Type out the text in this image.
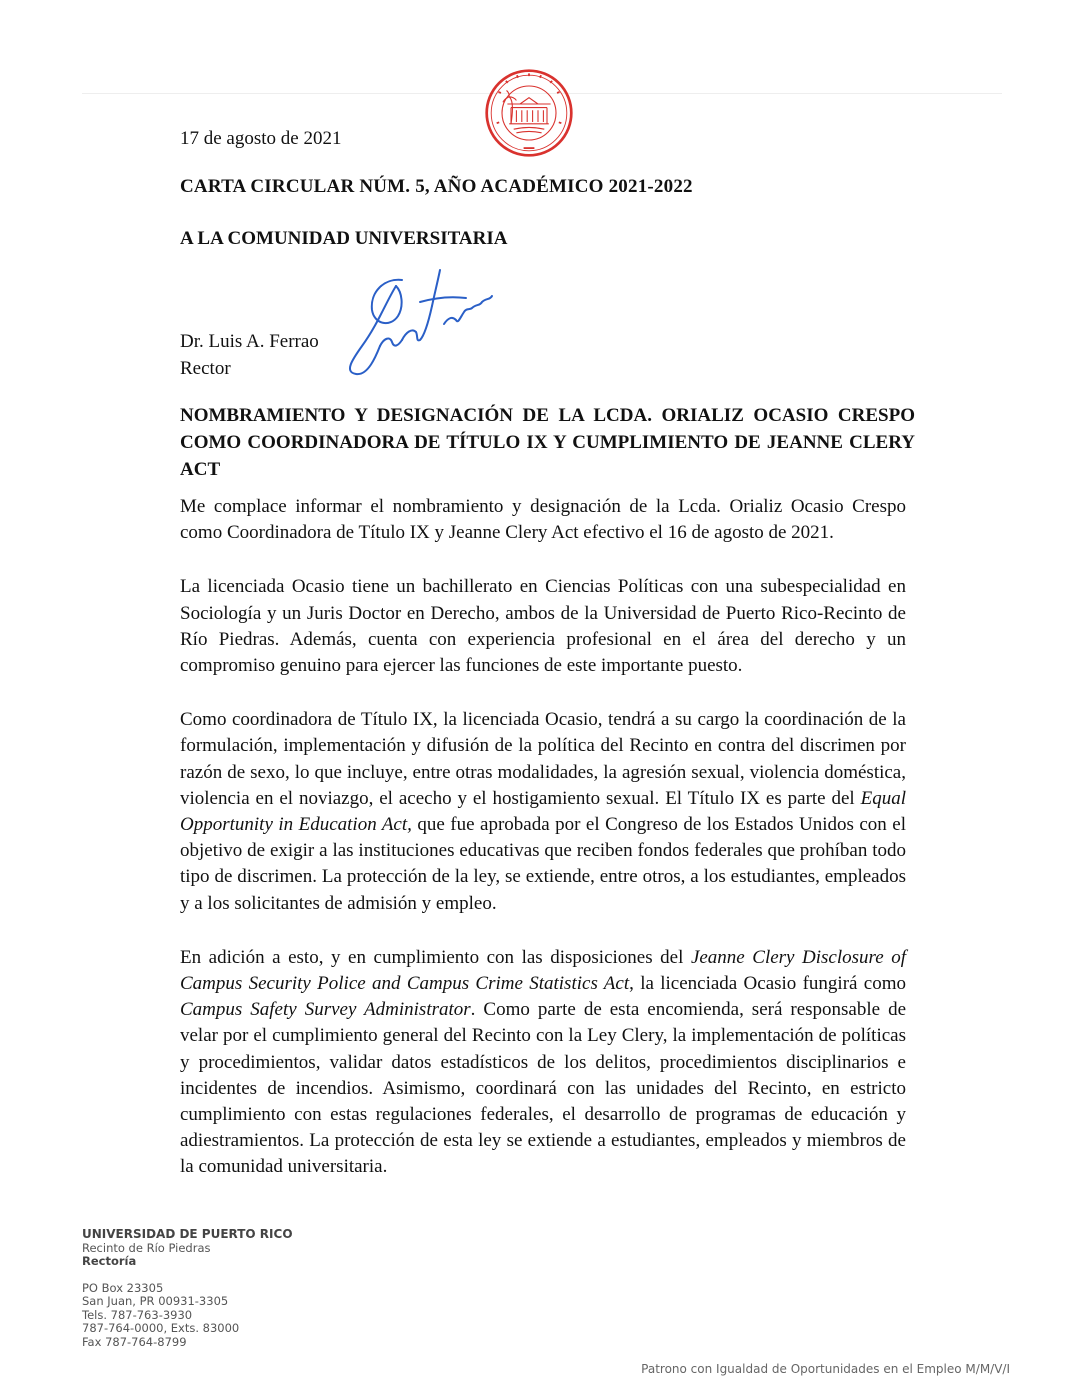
17 de agosto de 2021
CARTA CIRCULAR NÚM. 5, AÑO ACADÉMICO 2021-2022
A LA COMUNIDAD UNIVERSITARIA
Dr. Luis A. Ferrao
Rector
NOMBRAMIENTO Y DESIGNACIÓN DE LA LCDA. ORIALIZ OCASIO CRESPO COMO COORDINADORA DE TÍTULO IX Y CUMPLIMIENTO DE JEANNE CLERY ACT

Me complace informar el nombramiento y designación de la Lcda. Orializ Ocasio Crespo como Coordinadora de Título IX y Jeanne Clery Act efectivo el 16 de agosto de 2021.

La licenciada Ocasio tiene un bachillerato en Ciencias Políticas con una subespecialidad en Sociología y un Juris Doctor en Derecho, ambos de la Universidad de Puerto Rico-Recinto de Río Piedras. Además, cuenta con experiencia profesional en el área del derecho y un compromiso genuino para ejercer las funciones de este importante puesto.

Como coordinadora de Título IX, la licenciada Ocasio, tendrá a su cargo la coordinación de la formulación, implementación y difusión de la política del Recinto en contra del discrimen por razón de sexo, lo que incluye, entre otras modalidades, la agresión sexual, violencia doméstica, violencia en el noviazgo, el acecho y el hostigamiento sexual. El Título IX es parte del Equal Opportunity in Education Act, que fue aprobada por el Congreso de los Estados Unidos con el objetivo de exigir a las instituciones educativas que reciben fondos federales que prohíban todo tipo de discrimen. La protección de la ley, se extiende, entre otros, a los estudiantes, empleados y a los solicitantes de admisión y empleo.

En adición a esto, y en cumplimiento con las disposiciones del Jeanne Clery Disclosure of Campus Security Police and Campus Crime Statistics Act, la licenciada Ocasio fungirá como Campus Safety Survey Administrator. Como parte de esta encomienda, será responsable de velar por el cumplimiento general del Recinto con la Ley Clery, la implementación de políticas y procedimientos, validar datos estadísticos de los delitos, procedimientos disciplinarios e incidentes de incendios. Asimismo, coordinará con las unidades del Recinto, en estricto cumplimiento con estas regulaciones federales, el desarrollo de programas de educación y adiestramientos. La protección de esta ley se extiende a estudiantes, empleados y miembros de la comunidad universitaria.

UNIVERSIDAD DE PUERTO RICO
Recinto de Río Piedras
Rectoría
PO Box 23305
San Juan, PR 00931-3305
Tels. 787-763-3930
787-764-0000, Exts. 83000
Fax 787-764-8799
Patrono con Igualdad de Oportunidades en el Empleo M/M/V/I
